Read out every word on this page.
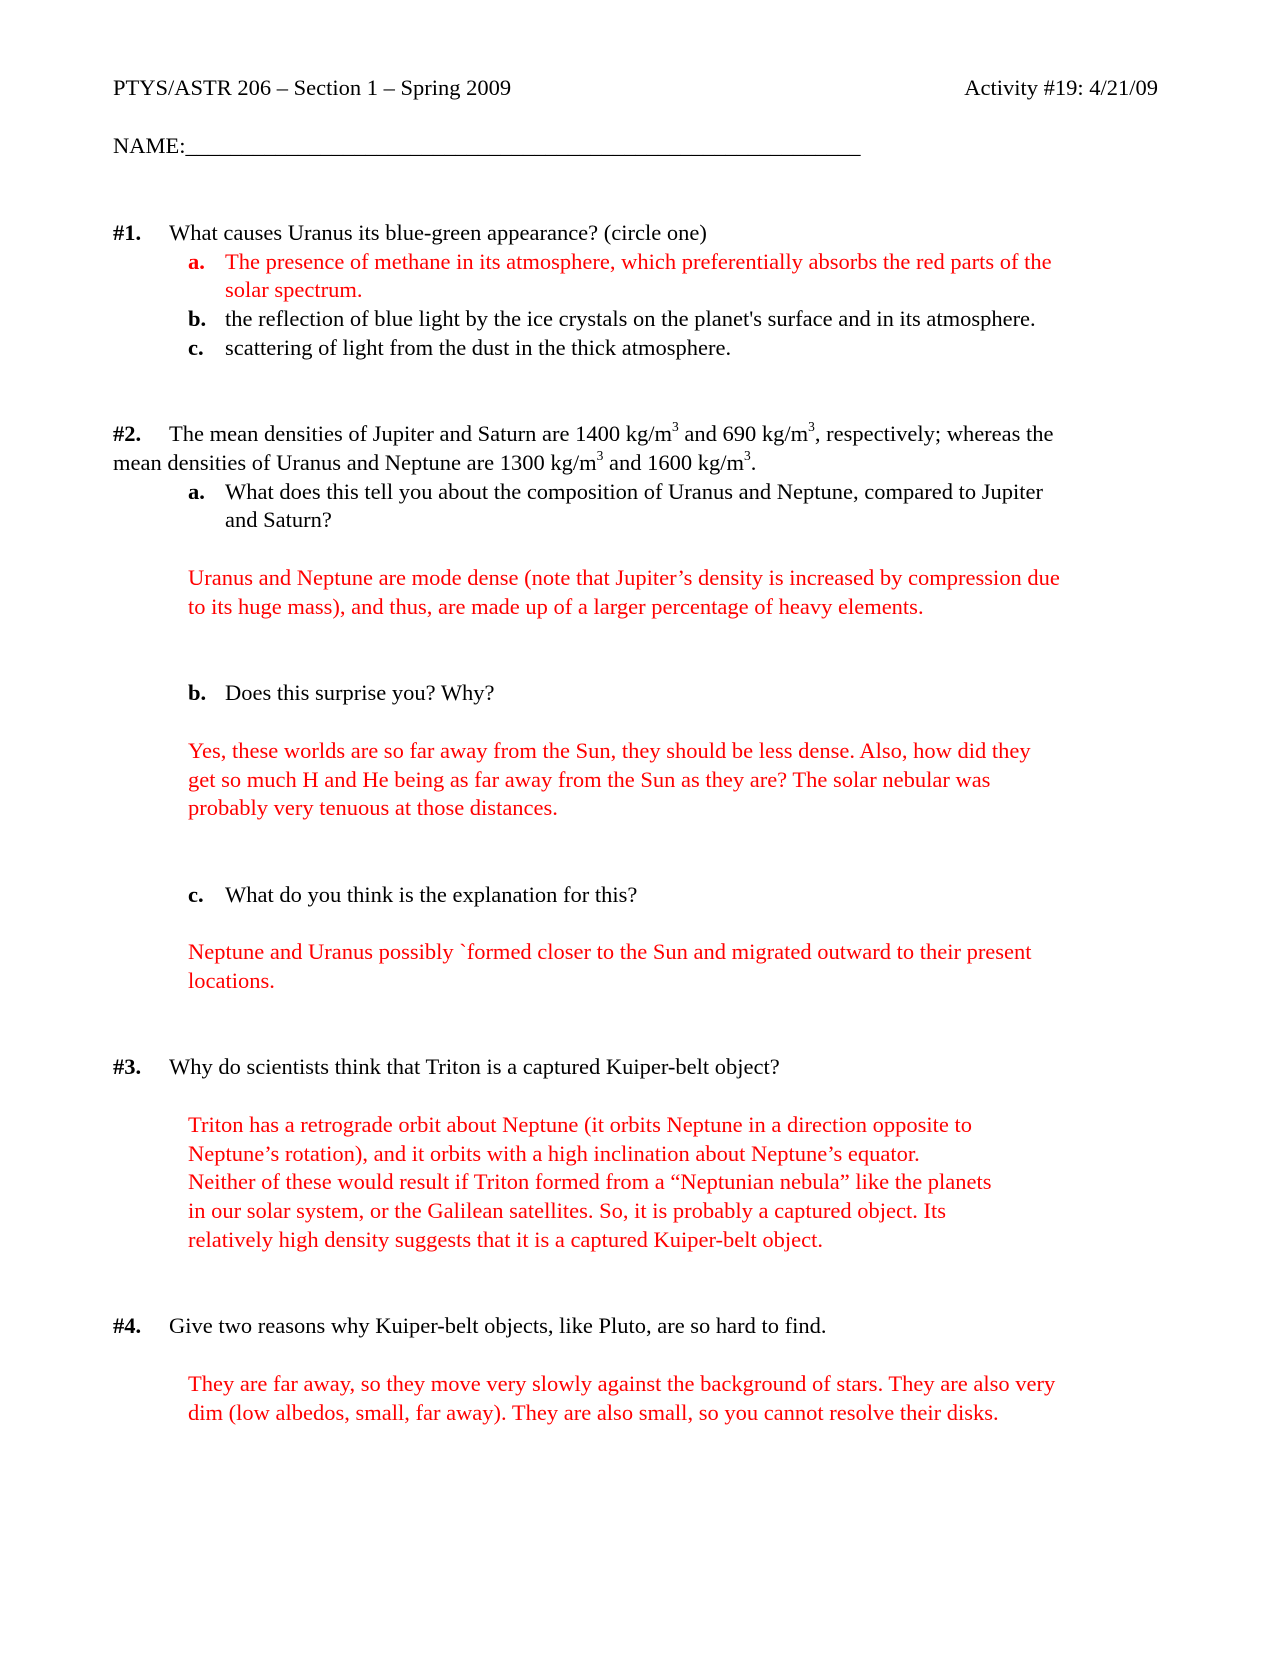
PTYS/ASTR 206 – Section 1 – Spring 2009	Activity #19: 4/21/09
NAME:____________________________________________________________
#1. What causes Uranus its blue-green appearance? (circle one)
a. The presence of methane in its atmosphere, which preferentially absorbs the red parts of the
solar spectrum.
b. the reflection of blue light by the ice crystals on the planet's surface and in its atmosphere.
c. scattering of light from the dust in the thick atmosphere.
#2. The mean densities of Jupiter and Saturn are 1400 $kg/m^3$ and 690 $kg/m^3$, respectively; whereas the
mean densities of Uranus and Neptune are 1300 $kg/m^3$ and 1600 $kg/m^3$.
a. What does this tell you about the composition of Uranus and Neptune, compared to Jupiter
and Saturn?
Uranus and Neptune are mode dense (note that Jupiter’s density is increased by compression due
to its huge mass), and thus, are made up of a larger percentage of heavy elements.
b. Does this surprise you? Why?
Yes, these worlds are so far away from the Sun, they should be less dense. Also, how did they
get so much H and He being as far away from the Sun as they are? The solar nebular was
probably very tenuous at those distances.
c. What do you think is the explanation for this?
Neptune and Uranus possibly `formed closer to the Sun and migrated outward to their present
locations.
#3. Why do scientists think that Triton is a captured Kuiper-belt object?
Triton has a retrograde orbit about Neptune (it orbits Neptune in a direction opposite to
Neptune’s rotation), and it orbits with a high inclination about Neptune’s equator.
Neither of these would result if Triton formed from a “Neptunian nebula” like the planets
in our solar system, or the Galilean satellites. So, it is probably a captured object. Its
relatively high density suggests that it is a captured Kuiper-belt object.
#4. Give two reasons why Kuiper-belt objects, like Pluto, are so hard to find.
They are far away, so they move very slowly against the background of stars. They are also very
dim (low albedos, small, far away). They are also small, so you cannot resolve their disks.
